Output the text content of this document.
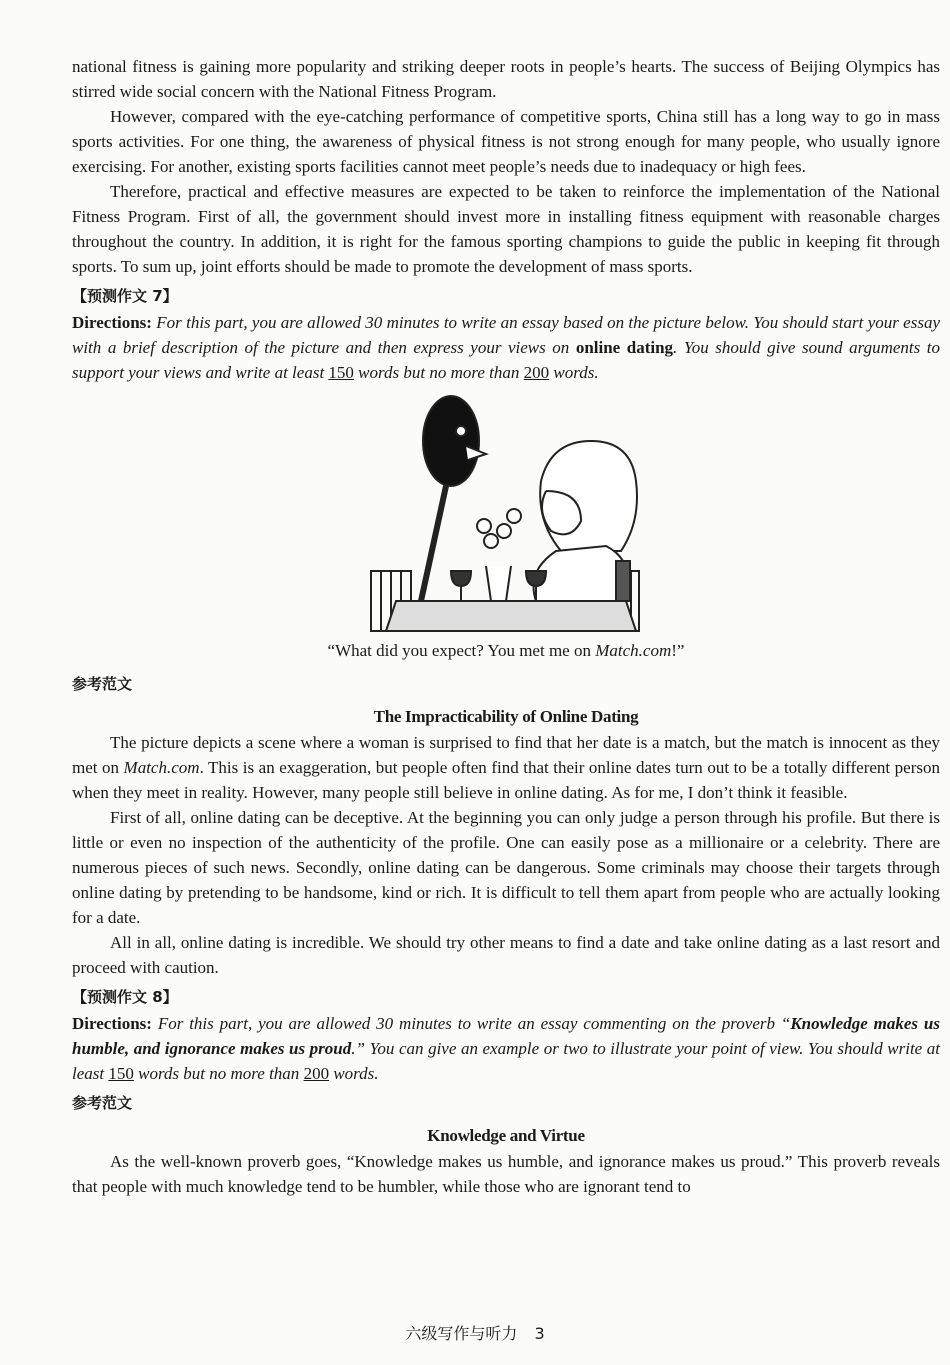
national fitness is gaining more popularity and striking deeper roots in people’s hearts. The success of Beijing Olympics has stirred wide social concern with the National Fitness Program.

However, compared with the eye-catching performance of competitive sports, China still has a long way to go in mass sports activities. For one thing, the awareness of physical fitness is not strong enough for many people, who usually ignore exercising. For another, existing sports facilities cannot meet people’s needs due to inadequacy or high fees.

Therefore, practical and effective measures are expected to be taken to reinforce the implementation of the National Fitness Program. First of all, the government should invest more in installing fitness equipment with reasonable charges throughout the country. In addition, it is right for the famous sporting champions to guide the public in keeping fit through sports. To sum up, joint efforts should be made to promote the development of mass sports.

【预测作文 7】

Directions: For this part, you are allowed 30 minutes to write an essay based on the picture below. You should start your essay with a brief description of the picture and then express your views on online dating. You should give sound arguments to support your views and write at least 150 words but no more than 200 words.

“What did you expect? You met me on Match.com!”

参考范文
The Impracticability of Online Dating

The picture depicts a scene where a woman is surprised to find that her date is a match, but the match is innocent as they met on Match.com. This is an exaggeration, but people often find that their online dates turn out to be a totally different person when they meet in reality. However, many people still believe in online dating. As for me, I don’t think it feasible.

First of all, online dating can be deceptive. At the beginning you can only judge a person through his profile. But there is little or even no inspection of the authenticity of the profile. One can easily pose as a millionaire or a celebrity. There are numerous pieces of such news. Secondly, online dating can be dangerous. Some criminals may choose their targets through online dating by pretending to be handsome, kind or rich. It is difficult to tell them apart from people who are actually looking for a date.

All in all, online dating is incredible. We should try other means to find a date and take online dating as a last resort and proceed with caution.

【预测作文 8】

Directions: For this part, you are allowed 30 minutes to write an essay commenting on the proverb “Knowledge makes us humble, and ignorance makes us proud.” You can give an example or two to illustrate your point of view. You should write at least 150 words but no more than 200 words.

参考范文
Knowledge and Virtue

As the well-known proverb goes, “Knowledge makes us humble, and ignorance makes us proud.” This proverb reveals that people with much knowledge tend to be humbler, while those who are ignorant tend to

六级写作与听力 3
